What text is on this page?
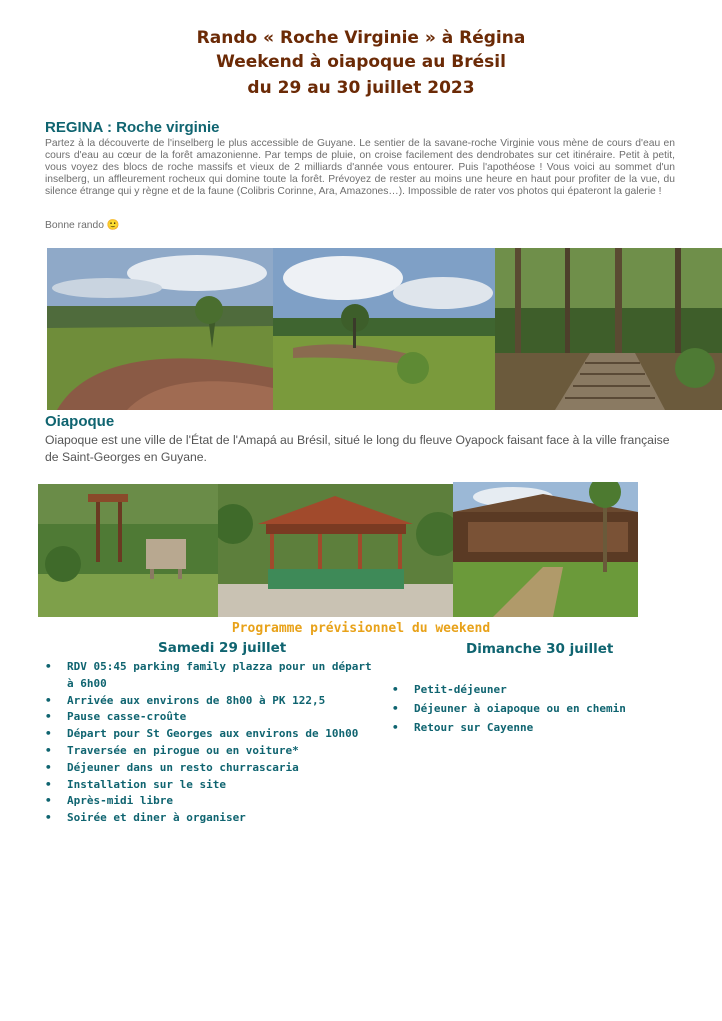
Rando « Roche Virginie » à Régina
Weekend à oiapoque au Brésil
du 29 au 30 juillet 2023
REGINA : Roche virginie

Partez à la découverte de l'inselberg le plus accessible de Guyane. Le sentier de la savane-roche Virginie vous mène de cours d'eau en cours d'eau au cœur de la forêt amazonienne. Par temps de pluie, on croise facilement des dendrobates sur cet itinéraire. Petit à petit, vous voyez des blocs de roche massifs et vieux de 2 milliards d'année vous entourer. Puis l'apothéose ! Vous voici au sommet d'un inselberg, un affleurement rocheux qui domine toute la forêt. Prévoyez de rester au moins une heure en haut pour profiter de la vue, du silence étrange qui y règne et de la faune (Colibris Corinne, Ara, Amazones…). Impossible de rater vos photos qui épateront la galerie !

Bonne rando 🙂
Oiapoque

Oiapoque est une ville de l'État de l'Amapá au Brésil, situé le long du fleuve Oyapock faisant face à la ville française de Saint-Georges en Guyane.

Programme prévisionnel du weekend
Samedi 29 juillet
• RDV 05:45 parking family plazza pour un départ à 6h00
• Arrivée aux environs de 8h00 à PK 122,5
• Pause casse-croûte
• Départ pour St Georges aux environs de 10h00
• Traversée en pirogue ou en voiture*
• Déjeuner dans un resto churrascaria
• Installation sur le site
• Après-midi libre
• Soirée et diner à organiser
Dimanche 30 juillet
• Petit-déjeuner
• Déjeuner à oiapoque ou en chemin
• Retour sur Cayenne
